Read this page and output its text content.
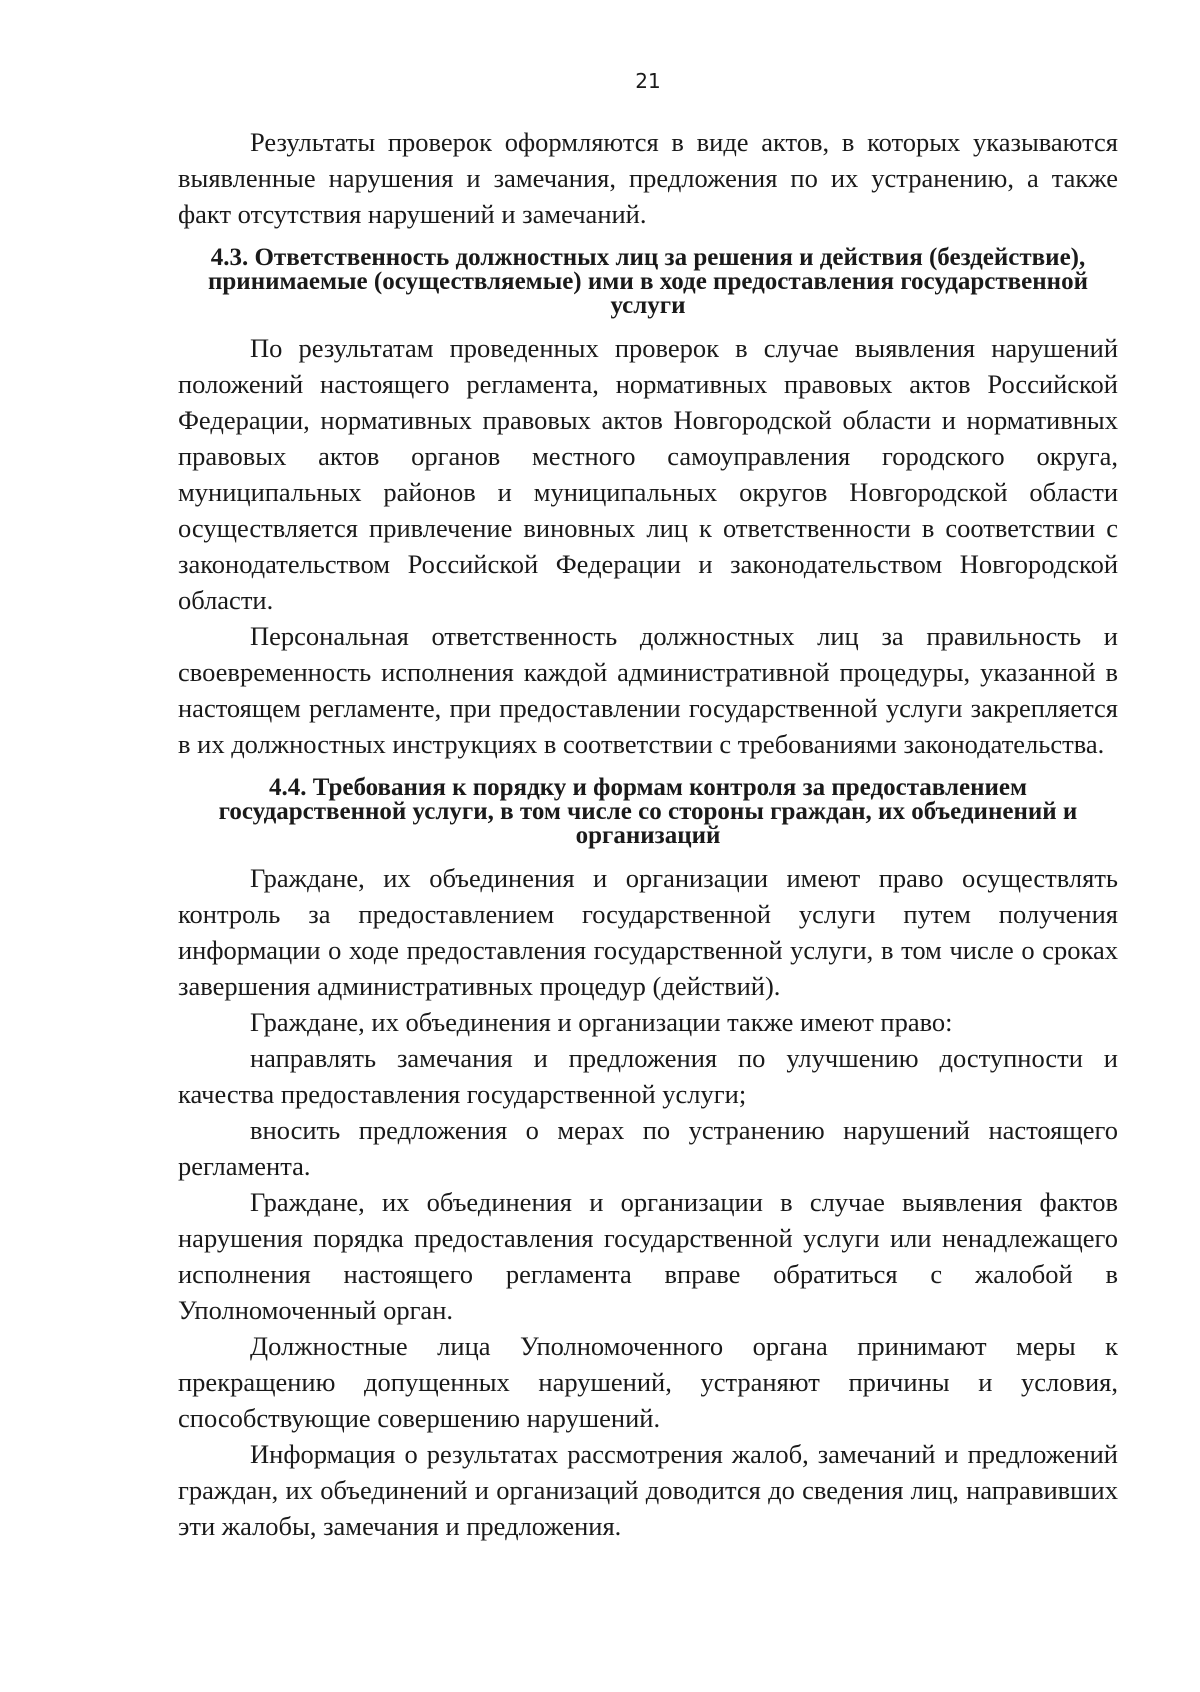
21

Результаты проверок оформляются в виде актов, в которых указываются выявленные нарушения и замечания, предложения по их устранению, а также факт отсутствия нарушений и замечаний.

4.3. Ответственность должностных лиц за решения и действия (бездействие), принимаемые (осуществляемые) ими в ходе предоставления государственной услуги

По результатам проведенных проверок в случае выявления нарушений положений настоящего регламента, нормативных правовых актов Российской Федерации, нормативных правовых актов Новгородской области и нормативных правовых актов органов местного самоуправления городского округа, муниципальных районов и муниципальных округов Новгородской области осуществляется привлечение виновных лиц к ответственности в соответствии с законодательством Российской Федерации и законодательством Новгородской области.

Персональная ответственность должностных лиц за правильность и своевременность исполнения каждой административной процедуры, указанной в настоящем регламенте, при предоставлении государственной услуги закрепляется в их должностных инструкциях в соответствии с требованиями законодательства.

4.4. Требования к порядку и формам контроля за предоставлением государственной услуги, в том числе со стороны граждан, их объединений и организаций

Граждане, их объединения и организации имеют право осуществлять контроль за предоставлением государственной услуги путем получения информации о ходе предоставления государственной услуги, в том числе о сроках завершения административных процедур (действий).

Граждане, их объединения и организации также имеют право:

направлять замечания и предложения по улучшению доступности и качества предоставления государственной услуги;

вносить предложения о мерах по устранению нарушений настоящего регламента.

Граждане, их объединения и организации в случае выявления фактов нарушения порядка предоставления государственной услуги или ненадлежащего исполнения настоящего регламента вправе обратиться с жалобой в Уполномоченный орган.

Должностные лица Уполномоченного органа принимают меры к прекращению допущенных нарушений, устраняют причины и условия, способствующие совершению нарушений.

Информация о результатах рассмотрения жалоб, замечаний и предложений граждан, их объединений и организаций доводится до сведения лиц, направивших эти жалобы, замечания и предложения.
